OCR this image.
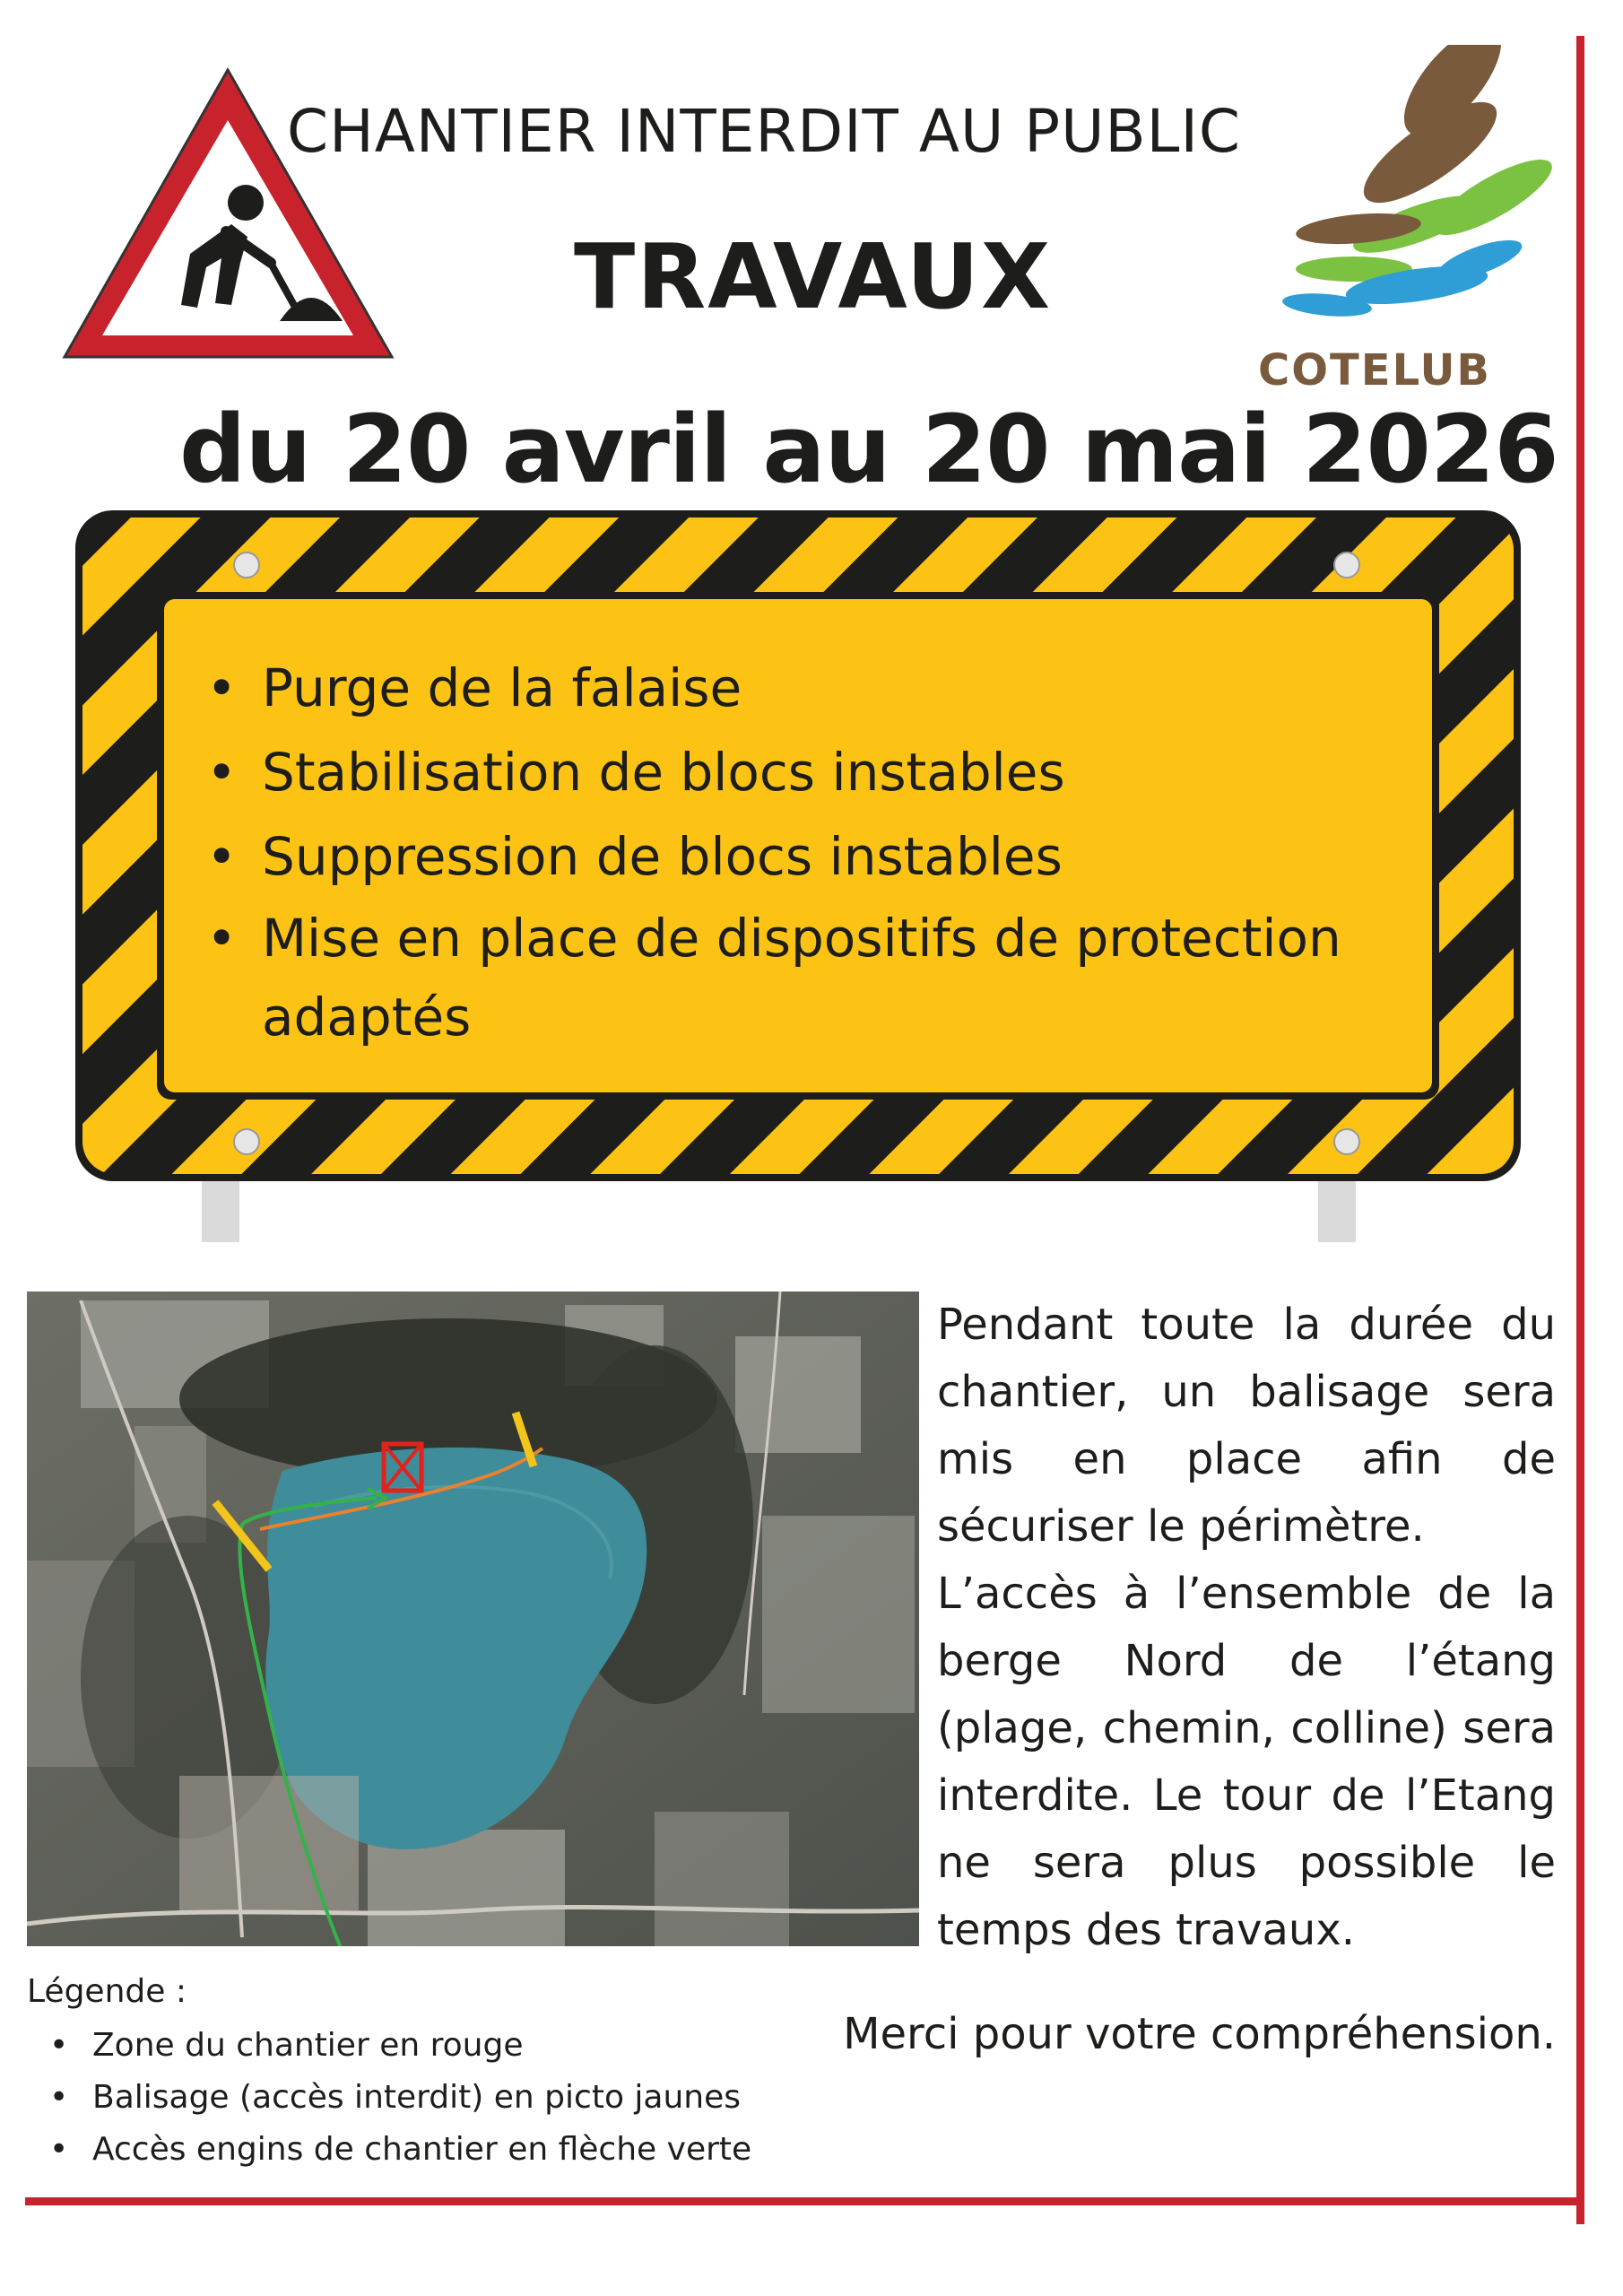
CHANTIER INTERDIT AU PUBLIC
TRAVAUX
du 20 avril au 20 mai 2026
COTELUB
• Purge de la falaise
• Stabilisation de blocs instables
• Suppression de blocs instables
• Mise en place de dispositifs de protection adaptés
Pendant toute la durée du chantier, un balisage sera mis en place afin de sécuriser le périmètre.
L’accès à l’ensemble de la berge Nord de l’étang (plage, chemin, colline) sera interdite. Le tour de l’Etang ne sera plus possible le temps des travaux.
Légende :
• Zone du chantier en rouge
• Balisage (accès interdit) en picto jaunes
• Accès engins de chantier en flèche verte
Merci pour votre compréhension.
